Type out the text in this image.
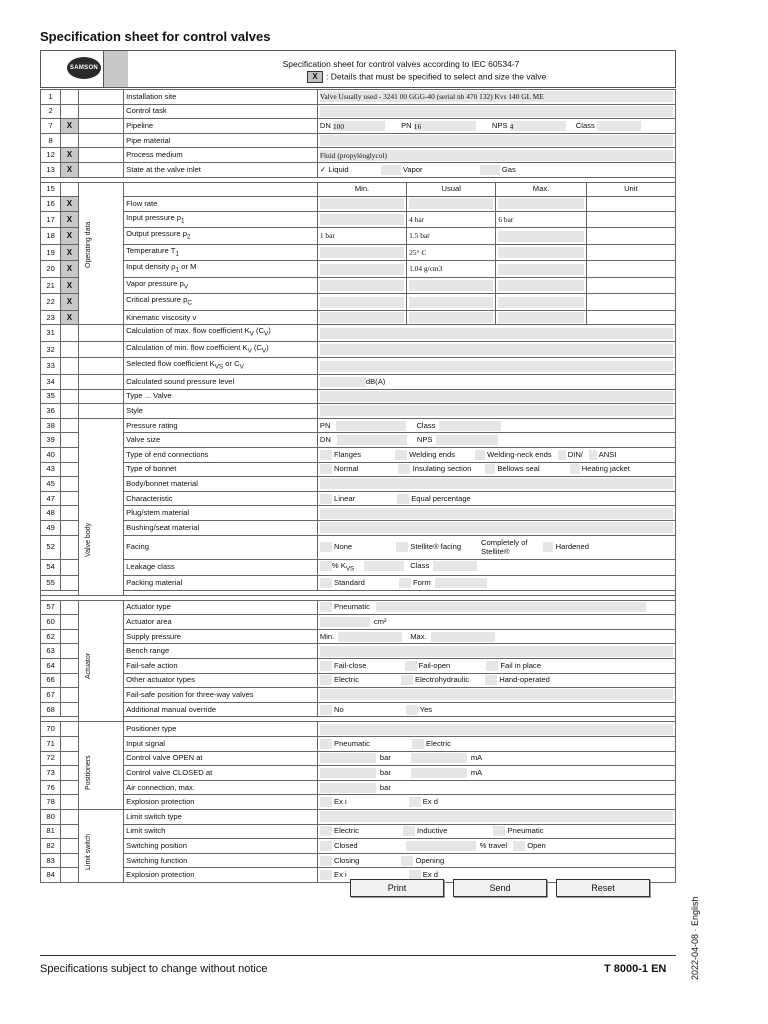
Specification sheet for control valves
SAMSON	Specification sheet for control valves according to IEC 60534-7
X : Details that must be specified to select and size the valve
1			Installation site	Valve Usually used - 3241 00 GGG-40 (serial nb 470 132) Kvs 140 GL ME			

2			Control task				

7	X		Pipeline	DN 100 PN 16 NPS 4 Class			
8			Pipe material				

12	X		Process medium	Fluid (propylènglycol)			

13	X		State at the valve inlet	✓ Liquid Vapor Gas			

15		Operating data		Min.	Usual	Max.	Unit
16	X		Flow rate	

17	X		Input pressure $p_1$		4 bar	6 bar	
18	X		Output pressure $p_2$	1 bar	1.5 bar	

19	X		Temperature $T_1$		25° C	

20	X		Input density $\rho_1$ or M		1.04 g/cm3	

21	X		Vapor pressure $p_V$	

22	X		Critical pressure $p_C$	

23	X		Kinematic viscosity ν	

31			Calculation of max. flow coefficient $K_V$ $(C_V)$				

32			Calculation of min. flow coefficient $K_V$ $(C_V)$				

33			Selected flow coefficient $K_{VS}$ or $C_V$	

34			Calculated sound pressure level	dB(A)			
35			Type ... Valve				

36			Style				

38		Valve body	Pressure rating	PN Class			
39			Valve size	DN NPS			
40			Type of end connections	Flanges Welding ends Welding-neck ends DIN/ ANSI			
43			Type of bonnet	Normal Insulating section Bellows seal Heating jacket			
45			Body/bonnet material				

47			Characteristic	Linear Equal percentage			
48			Plug/stem material				

49			Bushing/seat material				

52			Facing	None Stellite® facing Completely of
Stellite® Hardened			
54			Leakage class	% $K_{VS}$ Class			
55			Packing material	Standard Form			

57		Actuator	Actuator type	Pneumatic			
60			Actuator area	cm²			
62			Supply pressure	Min. Max.			
63			Bench range				

64			Fail-safe action	Fail-close Fail-open Fail in place			
66			Other actuator types	Electric Electrohydraulic Hand-operated			
67			Fail-safe position for three-way valves				

68			Additional manual override	No Yes			

70		Positioners	Positioner type				

71			Input signal	Pneumatic Electric			
72			Control valve OPEN at	bar mA			
73			Control valve CLOSED at	bar mA			
76			Air connection, max.	bar			
78			Explosion protection	Ex i Ex d			
80		Limit switch	Limit switch type				

81			Limit switch	Electric Inductive Pneumatic			
82			Switching position	Closed % travel Open			
83			Switching function	Closing Opening			
84			Explosion protection	Ex i Ex d			
Print	Send	Reset
Specifications subject to change without notice	T 8000-1 EN	2022-04-08 · English
